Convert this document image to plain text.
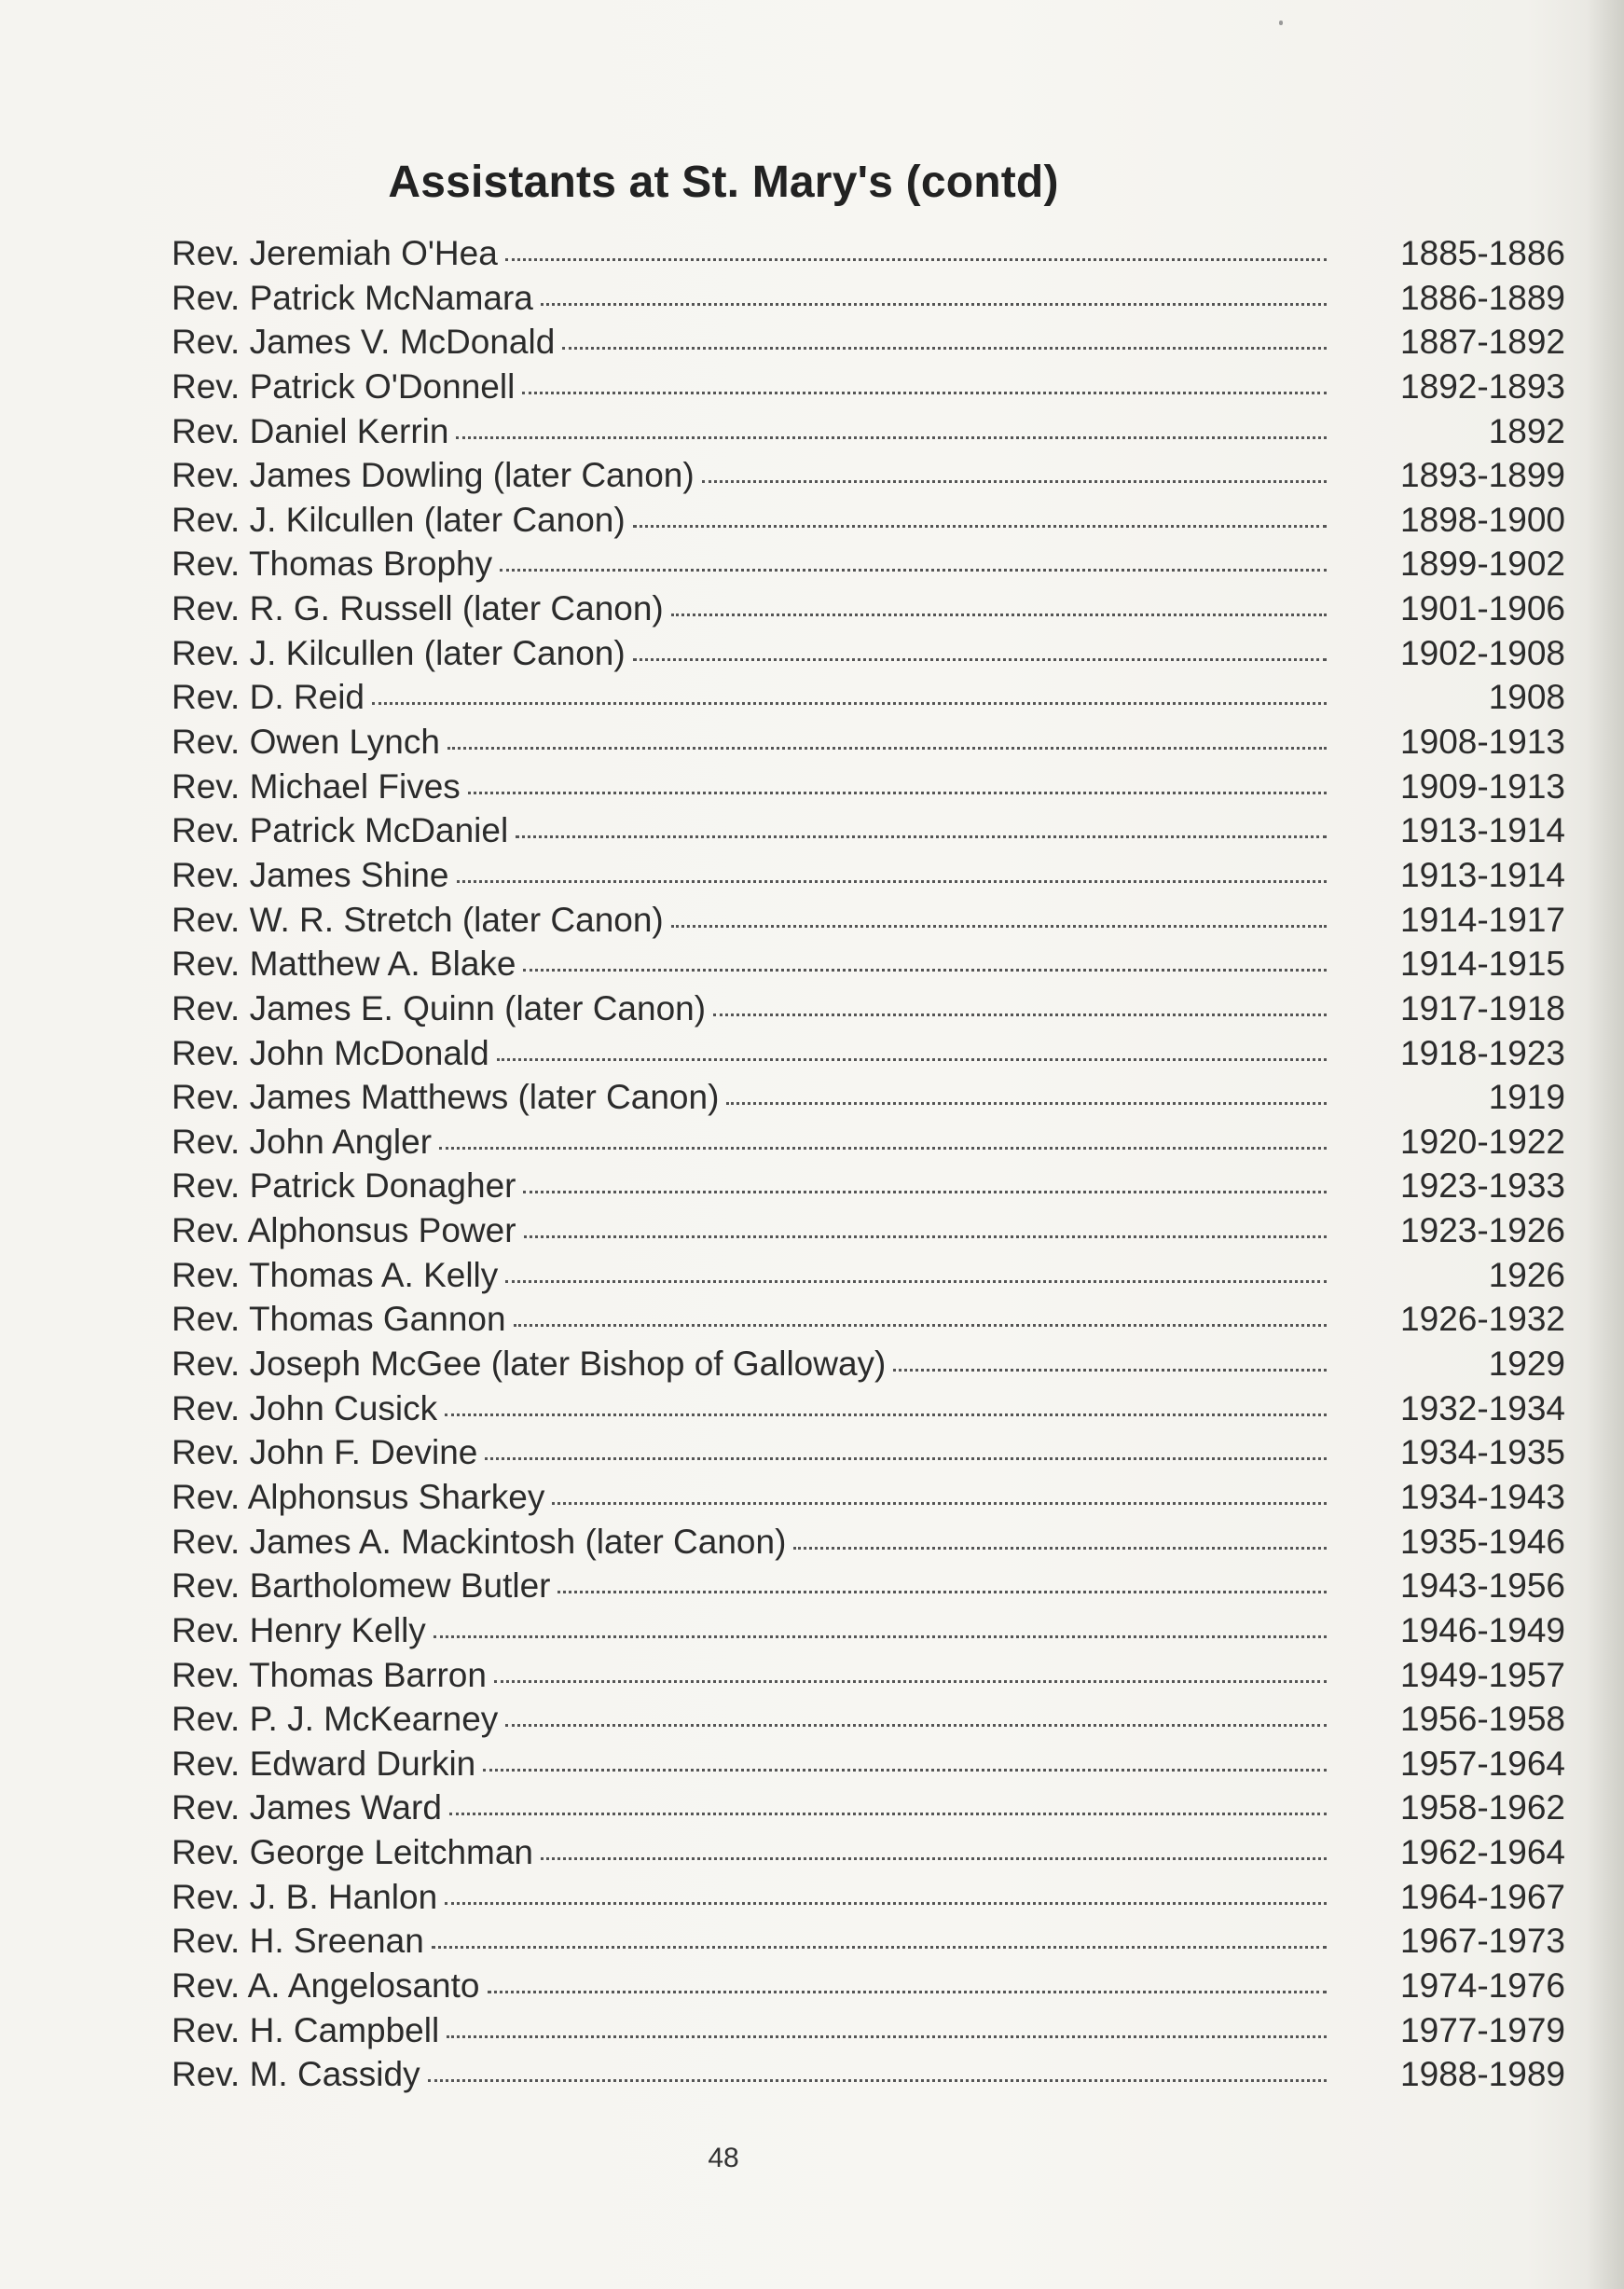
Assistants at St. Mary's (contd)
Rev. Jeremiah O'Hea	1885-1886
Rev. Patrick McNamara	1886-1889
Rev. James V. McDonald	1887-1892
Rev. Patrick O'Donnell	1892-1893
Rev. Daniel Kerrin	1892
Rev. James Dowling (later Canon)	1893-1899
Rev. J. Kilcullen (later Canon)	1898-1900
Rev. Thomas Brophy	1899-1902
Rev. R. G. Russell (later Canon)	1901-1906
Rev. J. Kilcullen (later Canon)	1902-1908
Rev. D. Reid	1908
Rev. Owen Lynch	1908-1913
Rev. Michael Fives	1909-1913
Rev. Patrick McDaniel	1913-1914
Rev. James Shine	1913-1914
Rev. W. R. Stretch (later Canon)	1914-1917
Rev. Matthew A. Blake	1914-1915
Rev. James E. Quinn (later Canon)	1917-1918
Rev. John McDonald	1918-1923
Rev. James Matthews (later Canon)	1919
Rev. John Angler	1920-1922
Rev. Patrick Donagher	1923-1933
Rev. Alphonsus Power	1923-1926
Rev. Thomas A. Kelly	1926
Rev. Thomas Gannon	1926-1932
Rev. Joseph McGee (later Bishop of Galloway)	1929
Rev. John Cusick	1932-1934
Rev. John F. Devine	1934-1935
Rev. Alphonsus Sharkey	1934-1943
Rev. James A. Mackintosh (later Canon)	1935-1946
Rev. Bartholomew Butler	1943-1956
Rev. Henry Kelly	1946-1949
Rev. Thomas Barron	1949-1957
Rev. P. J. McKearney	1956-1958
Rev. Edward Durkin	1957-1964
Rev. James Ward	1958-1962
Rev. George Leitchman	1962-1964
Rev. J. B. Hanlon	1964-1967
Rev. H. Sreenan	1967-1973
Rev. A. Angelosanto	1974-1976
Rev. H. Campbell	1977-1979
Rev. M. Cassidy	1988-1989
48
